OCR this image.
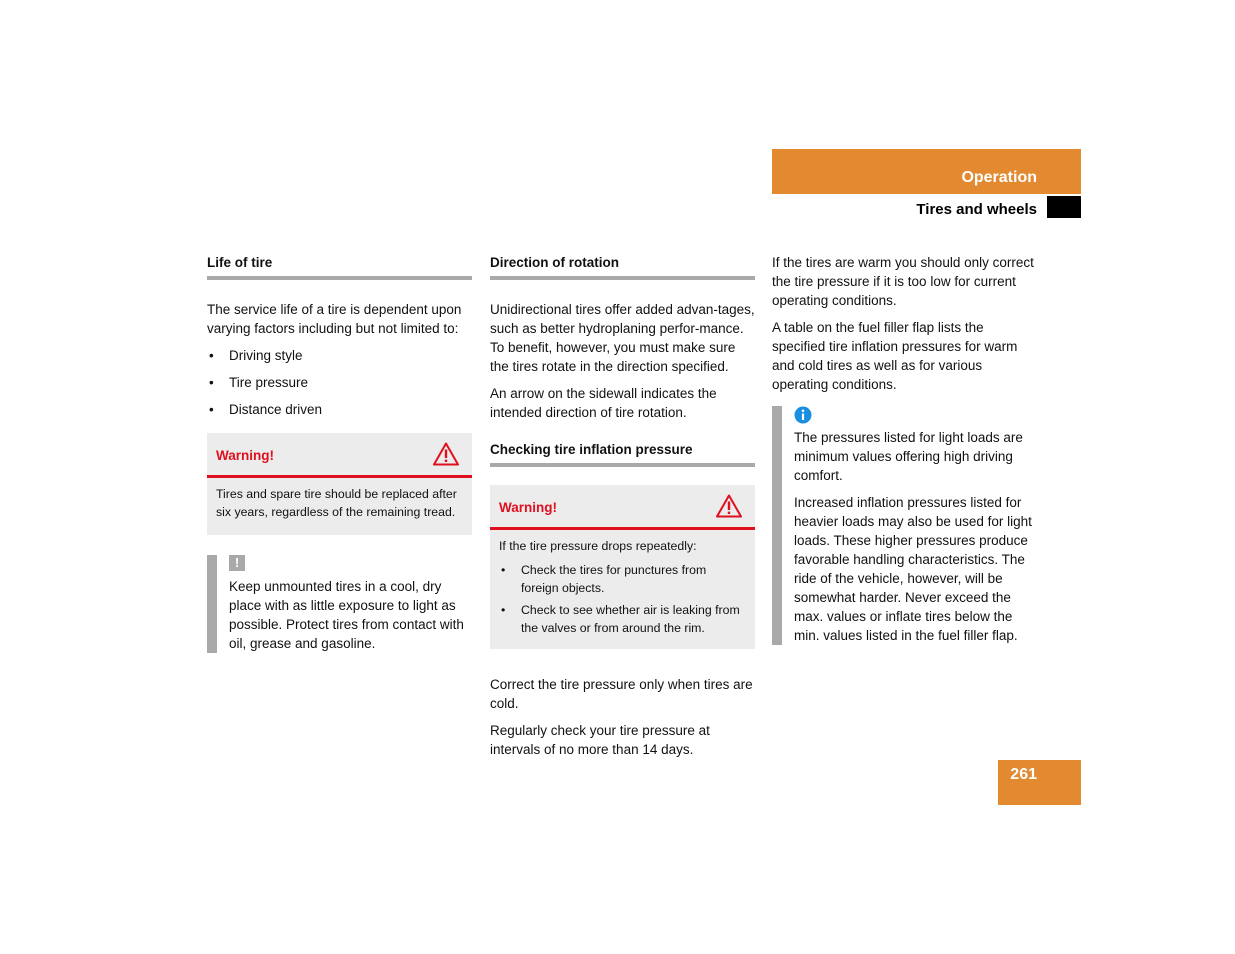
Operation
Tires and wheels
Life of tire

The service life of a tire is dependent upon varying factors including but not limited to:

• Driving style
• Tire pressure
• Distance driven
Warning!

Tires and spare tire should be replaced after six years, regardless of the remaining tread.

!

Keep unmounted tires in a cool, dry place with as little exposure to light as possible. Protect tires from contact with oil, grease and gasoline.

Direction of rotation

Unidirectional tires offer added advan-tages, such as better hydroplaning perfor-mance. To benefit, however, you must make sure the tires rotate in the direction specified.

An arrow on the sidewall indicates the intended direction of tire rotation.

Checking tire inflation pressure
Warning!

If the tire pressure drops repeatedly:

• Check the tires for punctures from foreign objects.
• Check to see whether air is leaking from the valves or from around the rim.

Correct the tire pressure only when tires are cold.

Regularly check your tire pressure at intervals of no more than 14 days.

If the tires are warm you should only correct the tire pressure if it is too low for current operating conditions.

A table on the fuel filler flap lists the specified tire inflation pressures for warm and cold tires as well as for various operating conditions.

The pressures listed for light loads are minimum values offering high driving comfort.

Increased inflation pressures listed for heavier loads may also be used for light loads. These higher pressures produce favorable handling characteristics. The ride of the vehicle, however, will be somewhat harder. Never exceed the max. values or inflate tires below the min. values listed in the fuel filler flap.

261
